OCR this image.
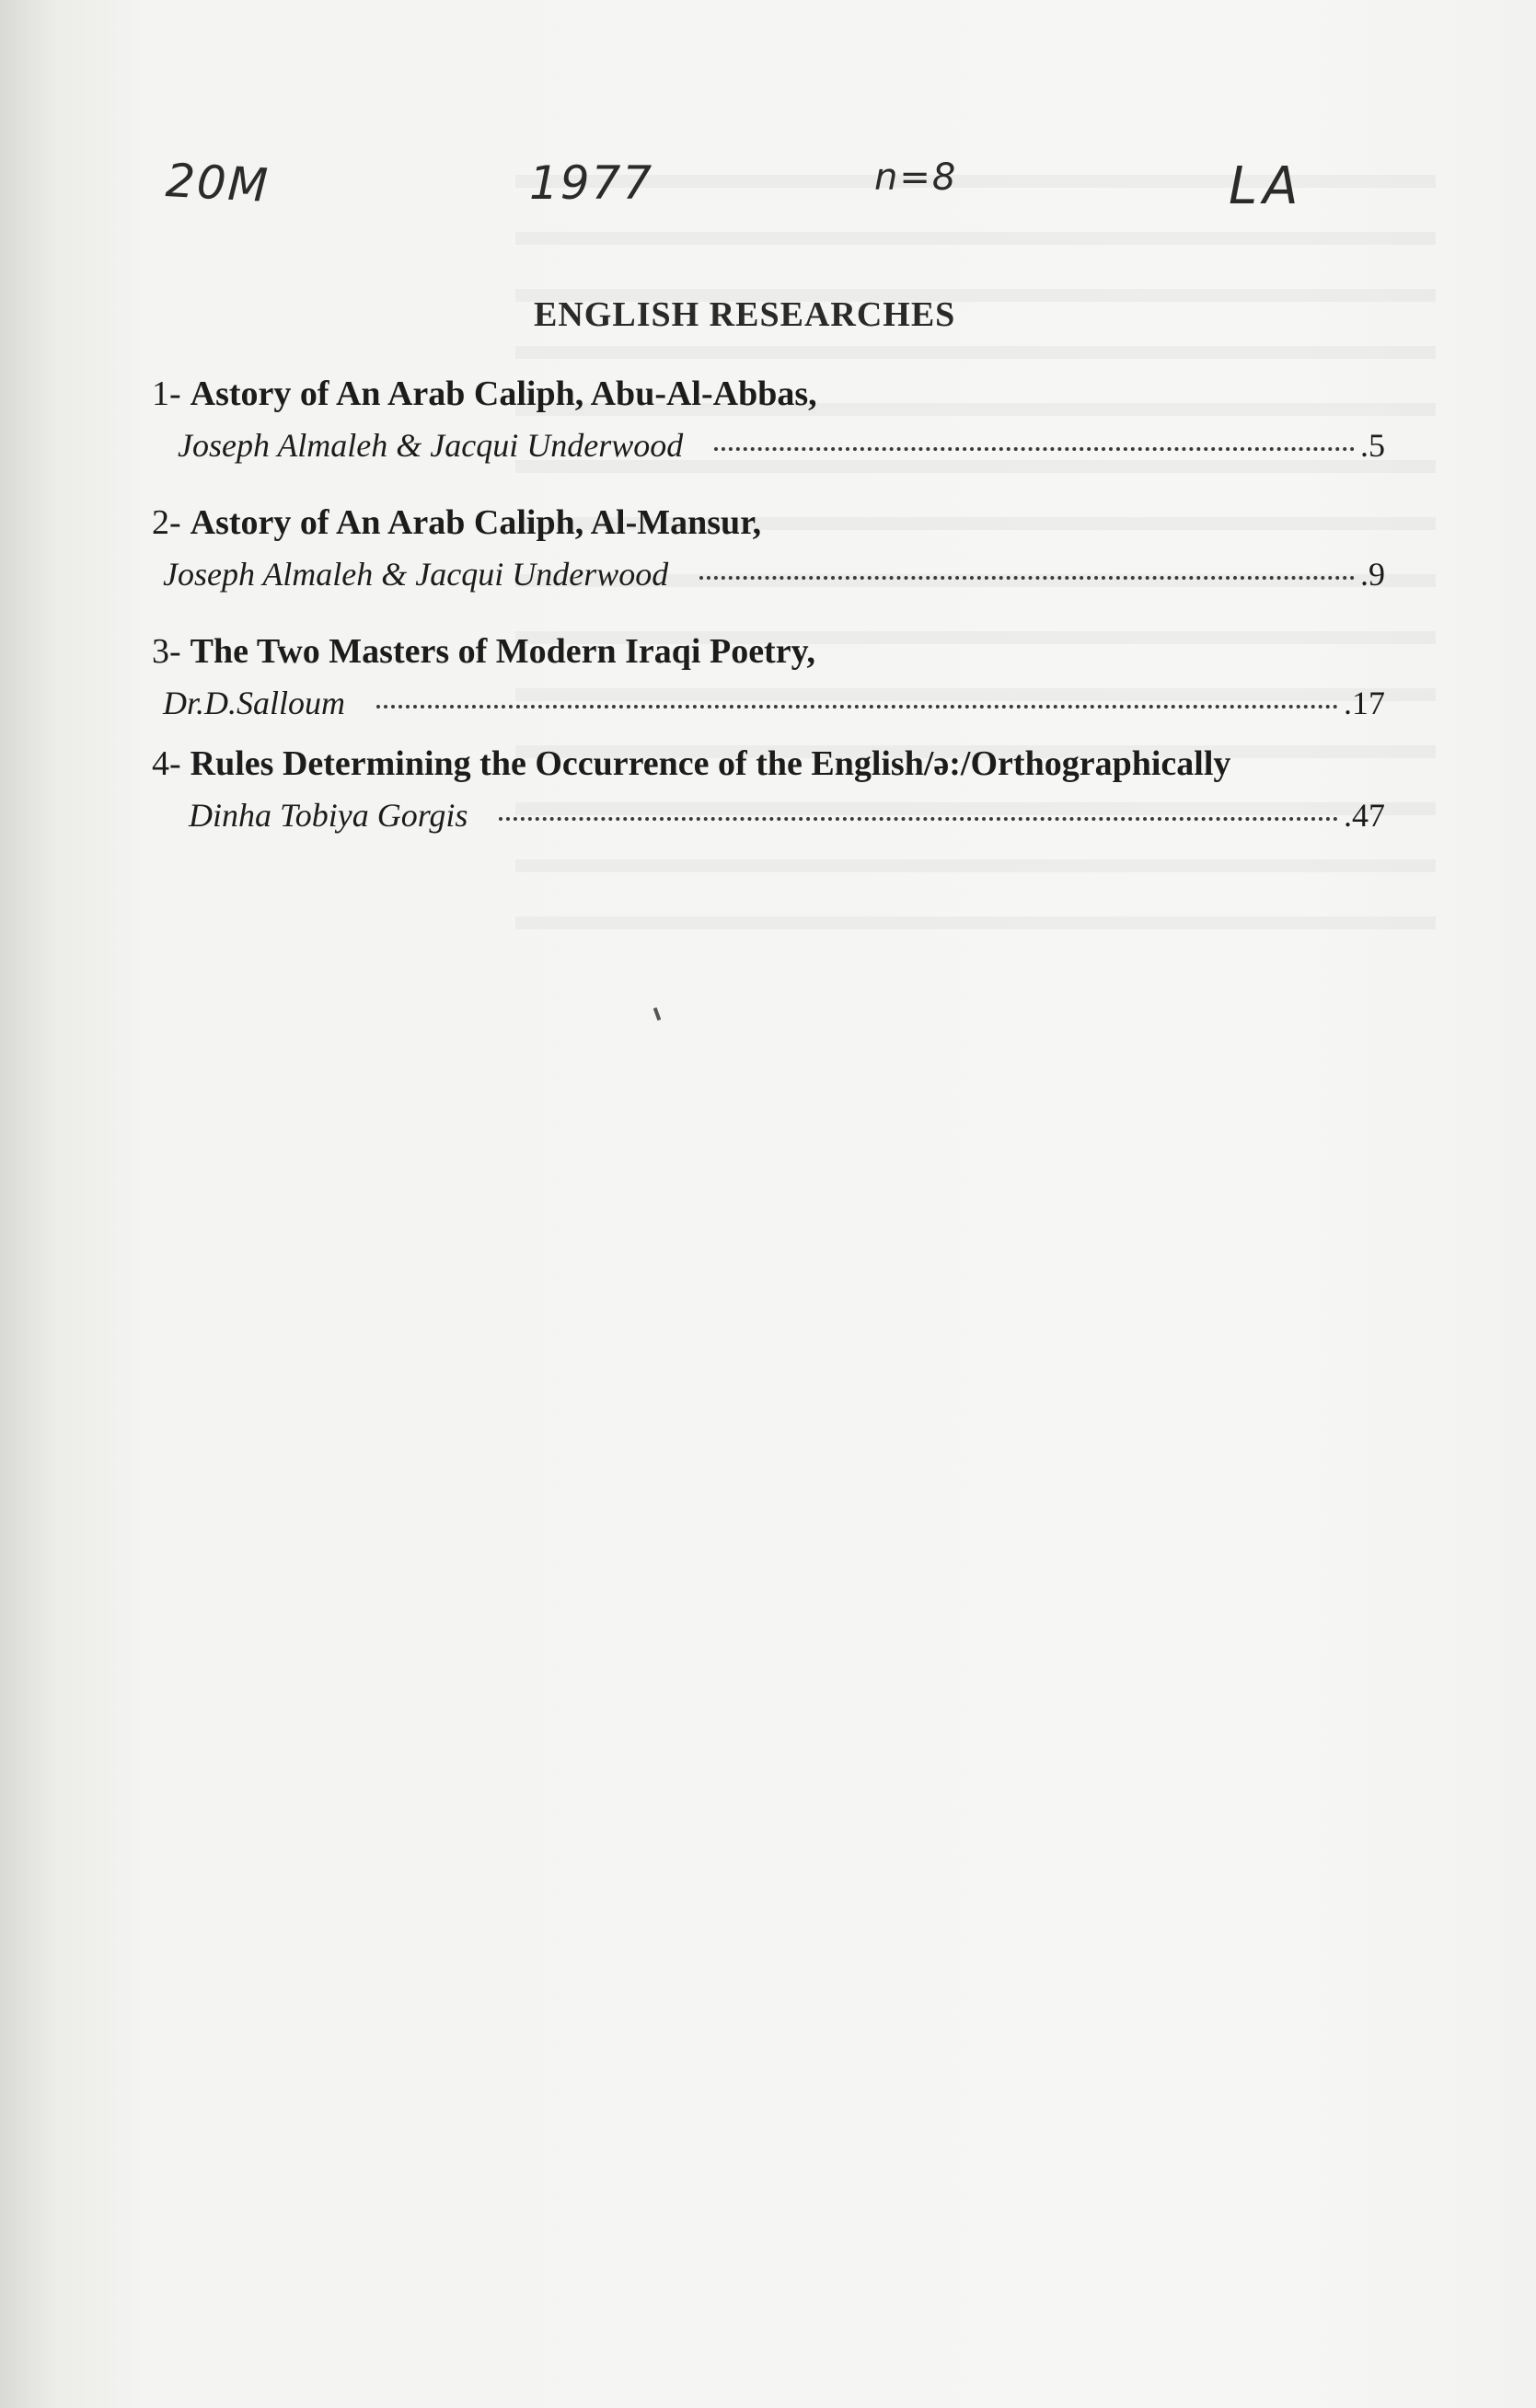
20M	1977	n=8	LA
ENGLISH RESEARCHES
1- Astory of An Arab Caliph, Abu-Al-Abbas,
Joseph Almaleh & Jacqui Underwood	.5
2- Astory of An Arab Caliph, Al-Mansur,
Joseph Almaleh & Jacqui Underwood	.9
3- The Two Masters of Modern Iraqi Poetry,
Dr.D.Salloum	.17
4- Rules Determining the Occurrence of the English/ə:/Orthographically
Dinha Tobiya Gorgis	.47
